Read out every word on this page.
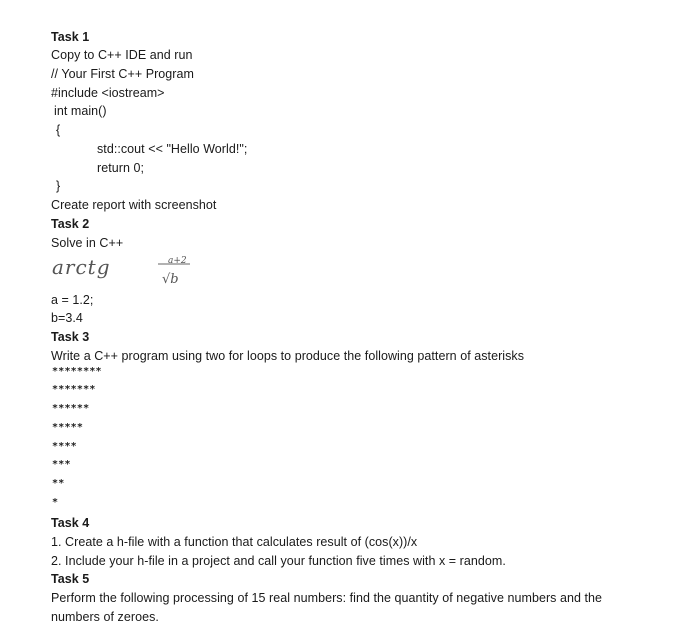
Task 1
Copy to C++ IDE and run
// Your First C++ Program
#include <iostream>
int main()
{
std::cout << "Hello World!";
return 0;
}
Create report with screenshot
Task 2
Solve in C++
arctg	a+2
√b
a = 1.2;
b=3.4
Task 3
Write a C++ program using two for loops to produce the following pattern of asterisks
********
*******
******
*****
****
***
**
*
Task 4
1. Create a h-file with a function that calculates result of (cos(x))/x
2. Include your h-file in a project and call your function five times with x = random.
Task 5
Perform the following processing of 15 real numbers: find the quantity of negative numbers and the
numbers of zeroes.
